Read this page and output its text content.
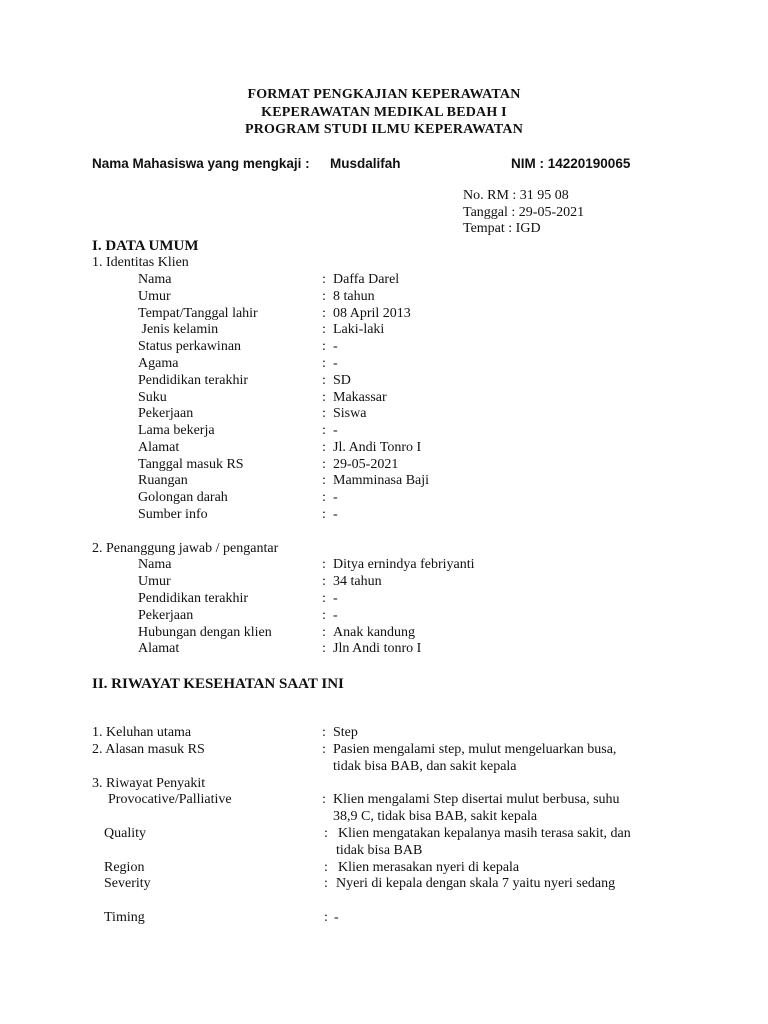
FORMAT PENGKAJIAN KEPERAWATAN
KEPERAWATAN MEDIKAL BEDAH I
PROGRAM STUDI ILMU KEPERAWATAN
Nama Mahasiswa yang mengkaji : Musdalifah	NIM : 14220190065
No. RM : 31 95 08
Tanggal : 29-05-2021
Tempat : IGD
I. DATA UMUM
1. Identitas Klien
Nama	: Daffa Darel
Umur	: 8 tahun
Tempat/Tanggal lahir	: 08 April 2013
Jenis kelamin	: Laki-laki
Status perkawinan	: -
Agama	: -
Pendidikan terakhir	: SD
Suku	: Makassar
Pekerjaan	: Siswa
Lama bekerja	: -
Alamat	: Jl. Andi Tonro I
Tanggal masuk RS	: 29-05-2021
Ruangan	: Mamminasa Baji
Golongan darah	: -
Sumber info	: -
2. Penanggung jawab / pengantar
Nama	: Ditya ernindya febriyanti
Umur	: 34 tahun
Pendidikan terakhir	: -
Pekerjaan	: -
Hubungan dengan klien	: Anak kandung
Alamat	: Jln Andi tonro I
II. RIWAYAT KESEHATAN SAAT INI
1. Keluhan utama	: Step
2. Alasan masuk RS	: Pasien mengalami step, mulut mengeluarkan busa,
tidak bisa BAB, dan sakit kepala
3. Riwayat Penyakit
Provocative/Palliative	: Klien mengalami Step disertai mulut berbusa, suhu
38,9 C, tidak bisa BAB, sakit kepala
Quality	: Klien mengatakan kepalanya masih terasa sakit, dan
tidak bisa BAB
Region	: Klien merasakan nyeri di kepala
Severity	: Nyeri di kepala dengan skala 7 yaitu nyeri sedang
Timing	: -
